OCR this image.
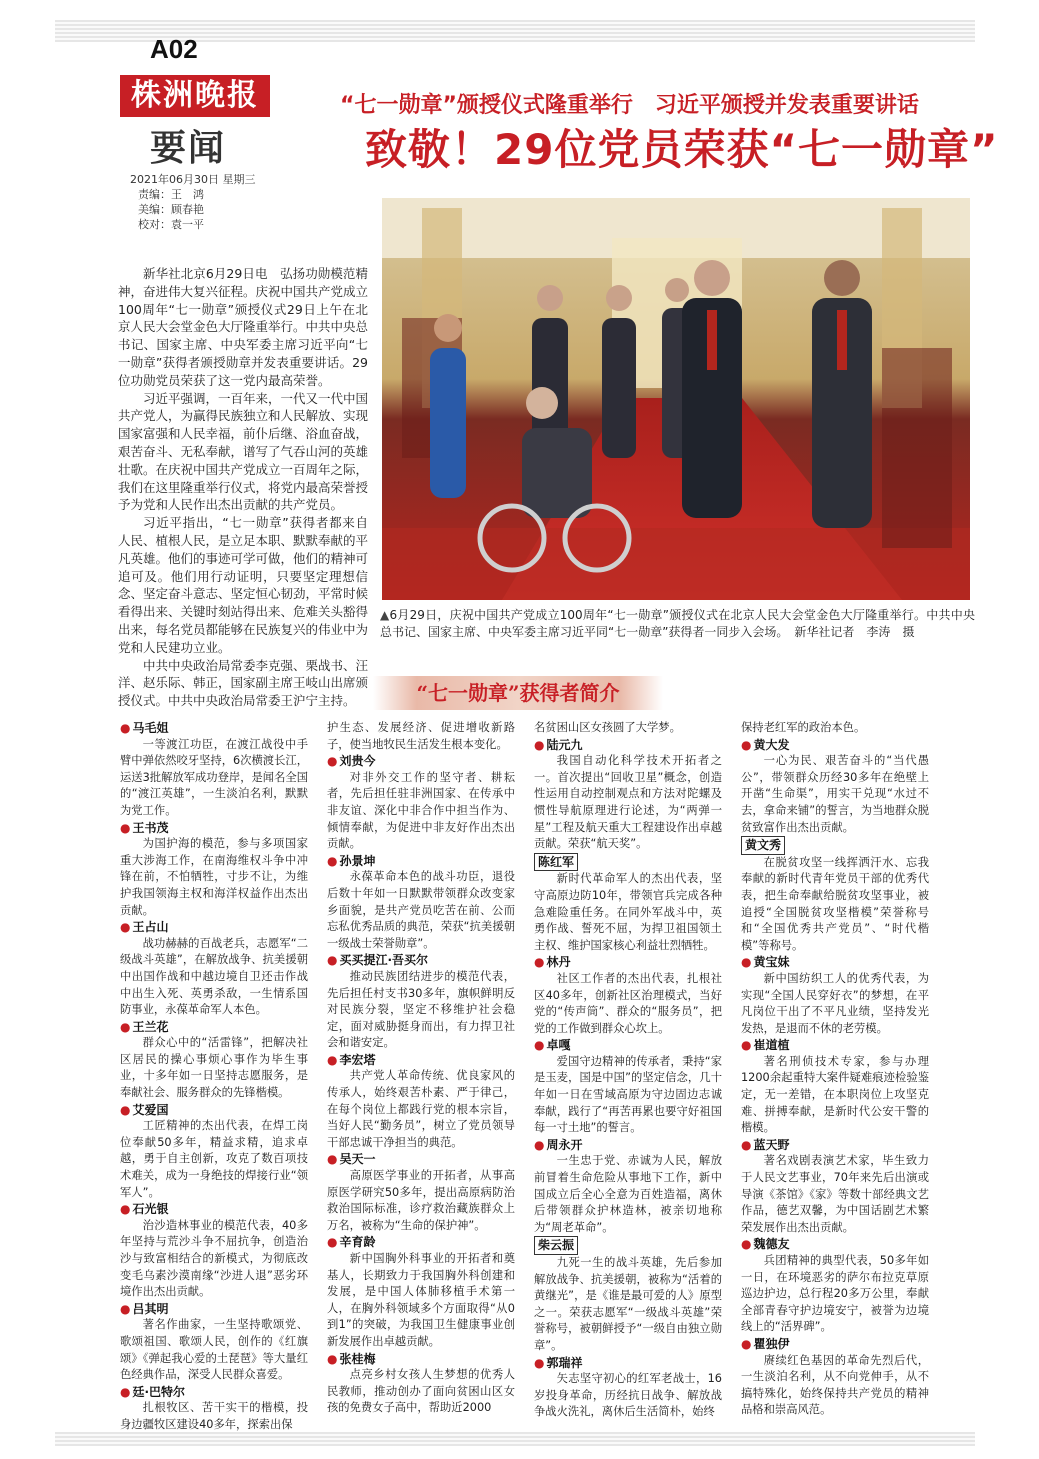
A02
株洲晚报
要闻
2021年06月30日 星期三
责编：王　鸿
美编：顾春艳
校对：袁一平
“七一勋章”颁授仪式隆重举行　习近平颁授并发表重要讲话
致敬！29位党员荣获“七一勋章”

新华社北京6月29日电　弘扬功勋模范精神，奋进伟大复兴征程。庆祝中国共产党成立100周年“七一勋章”颁授仪式29日上午在北京人民大会堂金色大厅隆重举行。中共中央总书记、国家主席、中央军委主席习近平向“七一勋章”获得者颁授勋章并发表重要讲话。29位功勋党员荣获了这一党内最高荣誉。

习近平强调，一百年来，一代又一代中国共产党人，为赢得民族独立和人民解放、实现国家富强和人民幸福，前仆后继、浴血奋战，艰苦奋斗、无私奉献，谱写了气吞山河的英雄壮歌。在庆祝中国共产党成立一百周年之际，我们在这里隆重举行仪式，将党内最高荣誉授予为党和人民作出杰出贡献的共产党员。

习近平指出，“七一勋章”获得者都来自人民、植根人民，是立足本职、默默奉献的平凡英雄。他们的事迹可学可做，他们的精神可追可及。他们用行动证明，只要坚定理想信念、坚定奋斗意志、坚定恒心韧劲，平常时候看得出来、关键时刻站得出来、危难关头豁得出来，每名党员都能够在民族复兴的伟业中为党和人民建功立业。

中共中央政治局常委李克强、栗战书、汪洋、赵乐际、韩正，国家副主席王岐山出席颁授仪式。中共中央政治局常委王沪宁主持。

▲6月29日，庆祝中国共产党成立100周年“七一勋章”颁授仪式在北京人民大会堂金色大厅隆重举行。中共中央总书记、国家主席、中央军委主席习近平同“七一勋章”获得者一同步入会场。　新华社记者　李涛　摄
“七一勋章”获得者简介
● 马毛姐
一等渡江功臣，在渡江战役中手臂中弹依然咬牙坚持，6次横渡长江，运送3批解放军成功登岸，是闻名全国的“渡江英雄”，一生淡泊名利，默默为党工作。
● 王书茂
为国护海的模范，参与多项国家重大涉海工作，在南海维权斗争中冲锋在前，不怕牺牲，寸步不让，为维护我国领海主权和海洋权益作出杰出贡献。
● 王占山
战功赫赫的百战老兵，志愿军“二级战斗英雄”，在解放战争、抗美援朝中出国作战和中越边境自卫还击作战中出生入死、英勇杀敌，一生情系国防事业，永葆革命军人本色。
● 王兰花
群众心中的“活雷锋”，把解决社区居民的操心事烦心事作为毕生事业，十多年如一日坚持志愿服务，是奉献社会、服务群众的先锋楷模。
● 艾爱国
工匠精神的杰出代表，在焊工岗位奉献50多年，精益求精，追求卓越，勇于自主创新，攻克了数百项技术难关，成为一身绝技的焊接行业“领军人”。
● 石光银
治沙造林事业的模范代表，40多年坚持与荒沙斗争不屈抗争，创造治沙与致富相结合的新模式，为彻底改变毛乌素沙漠南缘“沙进人退”恶劣环境作出杰出贡献。
● 吕其明
著名作曲家，一生坚持歌颂党、歌颂祖国、歌颂人民，创作的《红旗颂》《弹起我心爱的土琵琶》等大量红色经典作品，深受人民群众喜爱。
● 廷·巴特尔
扎根牧区、苦干实干的楷模，投身边疆牧区建设40多年，探索出保
护生态、发展经济、促进增收新路子，使当地牧民生活发生根本变化。
● 刘贵今
对非外交工作的坚守者、耕耘者，先后担任驻非洲国家、在传承中非友谊、深化中非合作中担当作为、倾情奉献，为促进中非友好作出杰出贡献。
● 孙景坤
永葆革命本色的战斗功臣，退役后数十年如一日默默带领群众改变家乡面貌，是共产党员吃苦在前、公而忘私优秀品质的典范，荣获“抗美援朝一级战士荣誉勋章”。
● 买买提江·吾买尔
推动民族团结进步的模范代表，先后担任村支书30多年，旗帜鲜明反对民族分裂，坚定不移维护社会稳定，面对威胁挺身而出，有力捍卫社会和谐安定。
● 李宏塔
共产党人革命传统、优良家风的传承人，始终艰苦朴素、严于律己，在每个岗位上都践行党的根本宗旨，当好人民“勤务员”，树立了党员领导干部忠诚干净担当的典范。
● 吴天一
高原医学事业的开拓者，从事高原医学研究50多年，提出高原病防治救治国际标准，诊疗救治藏族群众上万名，被称为“生命的保护神”。
● 辛育龄
新中国胸外科事业的开拓者和奠基人，长期致力于我国胸外科创建和发展，是中国人体肺移植手术第一人，在胸外科领域多个方面取得“从0到1”的突破，为我国卫生健康事业创新发展作出卓越贡献。
● 张桂梅
点亮乡村女孩人生梦想的优秀人民教师，推动创办了面向贫困山区女孩的免费女子高中，帮助近2000
名贫困山区女孩圆了大学梦。
● 陆元九
我国自动化科学技术开拓者之一。首次提出“回收卫星”概念，创造性运用自动控制观点和方法对陀螺及惯性导航原理进行论述，为“两弹一星”工程及航天重大工程建设作出卓越贡献。荣获“航天奖”。
陈红军
新时代革命军人的杰出代表，坚守高原边防10年，带领官兵完成各种急难险重任务。在同外军战斗中，英勇作战、誓死不屈，为捍卫祖国领土主权、维护国家核心利益壮烈牺牲。
● 林丹
社区工作者的杰出代表，扎根社区40多年，创新社区治理模式，当好党的“传声筒”、群众的“服务员”，把党的工作做到群众心坎上。
● 卓嘎
爱国守边精神的传承者，秉持“家是玉麦，国是中国”的坚定信念，几十年如一日在雪域高原为守边固边志诚奉献，践行了“再苦再累也要守好祖国每一寸土地”的誓言。
● 周永开
一生忠于党、赤诚为人民，解放前冒着生命危险从事地下工作，新中国成立后全心全意为百姓造福，离休后带领群众护林造林，被亲切地称为“周老革命”。
柴云振
九死一生的战斗英雄，先后参加解放战争、抗美援朝，被称为“活着的黄继光”，是《谁是最可爱的人》原型之一。荣获志愿军“一级战斗英雄”荣誉称号，被朝鲜授予“一级自由独立勋章”。
● 郭瑞祥
矢志坚守初心的红军老战士，16岁投身革命，历经抗日战争、解放战争战火洗礼，离休后生活简朴，始终
保持老红军的政治本色。
● 黄大发
一心为民、艰苦奋斗的“当代愚公”，带领群众历经30多年在绝壁上开凿“生命渠”，用实干兑现“水过不去，拿命来铺”的誓言，为当地群众脱贫致富作出杰出贡献。
黄文秀
在脱贫攻坚一线挥洒汗水、忘我奉献的新时代青年党员干部的优秀代表，把生命奉献给脱贫攻坚事业，被追授“全国脱贫攻坚楷模”荣誉称号和“全国优秀共产党员”、“时代楷模”等称号。
● 黄宝妹
新中国纺织工人的优秀代表，为实现“全国人民穿好衣”的梦想，在平凡岗位干出了不平凡业绩，坚持发光发热，是退而不休的老劳模。
● 崔道植
著名刑侦技术专家，参与办理1200余起重特大案件疑难痕迹检验鉴定，无一差错，在本职岗位上攻坚克难、拼搏奉献，是新时代公安干警的楷模。
● 蓝天野
著名戏剧表演艺术家，毕生致力于人民文艺事业，70年来先后出演或导演《茶馆》《家》等数十部经典文艺作品，德艺双馨，为中国话剧艺术繁荣发展作出杰出贡献。
● 魏德友
兵团精神的典型代表，50多年如一日，在环境恶劣的萨尔布拉克草原巡边护边，总行程20多万公里，奉献全部青春守护边境安宁，被誉为边境线上的“活界碑”。
● 瞿独伊
赓续红色基因的革命先烈后代，一生淡泊名利，从不向党伸手，从不搞特殊化，始终保持共产党员的精神品格和崇高风范。
